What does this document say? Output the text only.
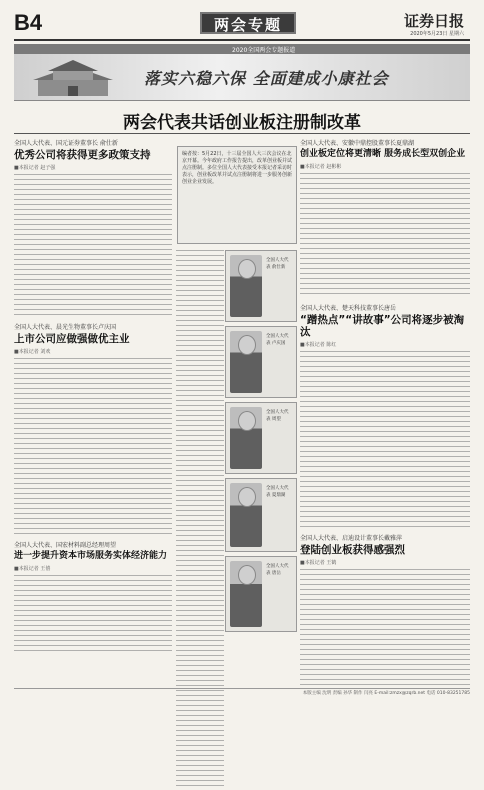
B4	两会专题	证券日报
2020年5月23日 星期六
2020全国两会专题报道
落实六稳六保 全面建成小康社会
两会代表共话创业板注册制改革
全国人大代表、国元证券董事长 俞仕新
优秀公司将获得更多政策支持
■本报记者 赵子强
全国人大代表、晨光生物董事长卢庆国
上市公司应做强做优主业
■本报记者 刘欢
全国人大代表、国宏材料副总经理周望
进一步提升资本市场服务实体经济能力
■本报记者 王僖
编者按：5月22日，十三届全国人大三次会议在北京开幕。今年政府工作报告提出，改革创业板并试点注册制。多位全国人大代表接受本报记者采访时表示，创业板改革并试点注册制将进一步服务创新创业企业发展。
全国人大代表 俞仕新
全国人大代表 卢庆国
全国人大代表 周望
全国人大代表 夏鼎湖
全国人大代表 唐岳
全国人大代表、安徽中鼎控股董事长夏鼎湖
创业板定位将更清晰 服务成长型双创企业
■本报记者 赵彬彬
全国人大代表、楚天科技董事长唐岳
“蹭热点”“讲故事”公司将逐步被淘汰
■本报记者 陈红
全国人大代表、启迪设计董事长戴雅萍
登陆创业板获得感强烈
■本报记者 王鹤
本版主编 沈明 责编 孙华 制作 闫亮 E-mail:zmzx@zqrb.net 电话 010-83251785
